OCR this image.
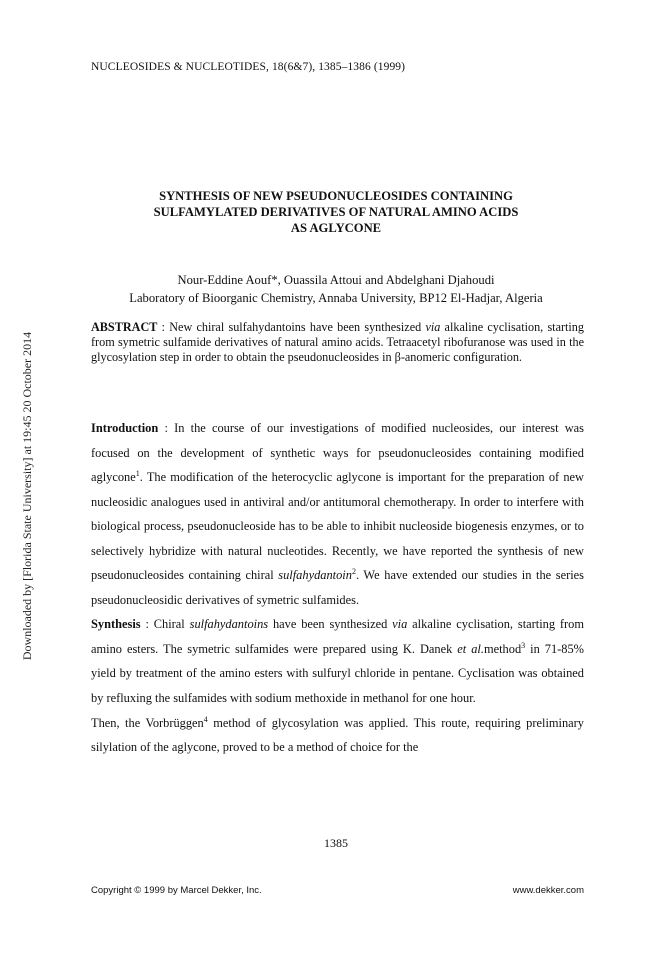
Downloaded by [Florida State University] at 19:45 20 October 2014
NUCLEOSIDES & NUCLEOTIDES, 18(6&7), 1385–1386 (1999)
SYNTHESIS OF NEW PSEUDONUCLEOSIDES CONTAINING
SULFAMYLATED DERIVATIVES OF NATURAL AMINO ACIDS
AS AGLYCONE
Nour-Eddine Aouf*, Ouassila Attoui and Abdelghani Djahoudi
Laboratory of Bioorganic Chemistry, Annaba University, BP12 El-Hadjar, Algeria
ABSTRACT : New chiral sulfahydantoins have been synthesized via alkaline cyclisation, starting from symetric sulfamide derivatives of natural amino acids. Tetraacetyl ribofuranose was used in the glycosylation step in order to obtain the pseudonucleosides in β-anomeric configuration.

Introduction : In the course of our investigations of modified nucleosides, our interest was focused on the development of synthetic ways for pseudonucleosides containing modified aglycone$^1$. The modification of the heterocyclic aglycone is important for the preparation of new nucleosidic analogues used in antiviral and/or antitumoral chemotherapy. In order to interfere with biological process, pseudonucleoside has to be able to inhibit nucleoside biogenesis enzymes, or to selectively hybridize with natural nucleotides. Recently, we have reported the synthesis of new pseudonucleosides containing chiral sulfahydantoin$^2$. We have extended our studies in the series pseudonucleosidic derivatives of symetric sulfamides.

Synthesis : Chiral sulfahydantoins have been synthesized via alkaline cyclisation, starting from amino esters. The symetric sulfamides were prepared using K. Danek et al.method$^3$ in 71-85% yield by treatment of the amino esters with sulfuryl chloride in pentane. Cyclisation was obtained by refluxing the sulfamides with sodium methoxide in methanol for one hour.

Then, the Vorbrüggen$^4$ method of glycosylation was applied. This route, requiring preliminary silylation of the aglycone, proved to be a method of choice for the

1385
Copyright © 1999 by Marcel Dekker, Inc.	www.dekker.com
